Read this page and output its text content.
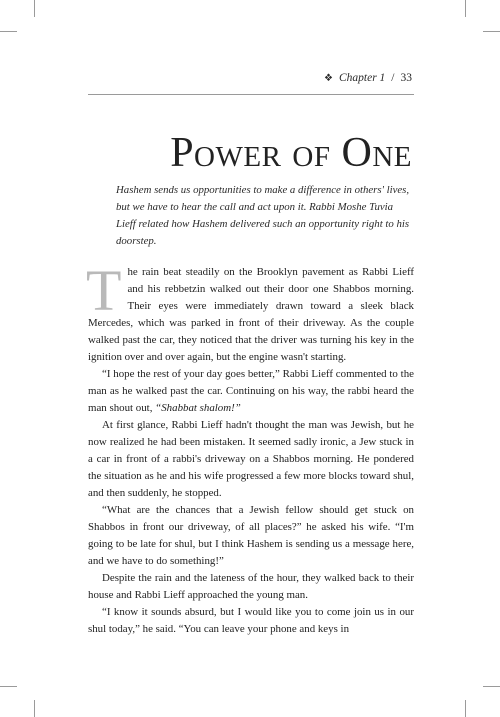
❖ Chapter 1 / 33
Power of One

Hashem sends us opportunities to make a difference in others' lives, but we have to hear the call and act upon it. Rabbi Moshe Tuvia Lieff related how Hashem delivered such an opportunity right to his doorstep.

The rain beat steadily on the Brooklyn pavement as Rabbi Lieff and his rebbetzin walked out their door one Shabbos morning. Their eyes were immediately drawn toward a sleek black Mercedes, which was parked in front of their driveway. As the couple walked past the car, they noticed that the driver was turning his key in the ignition over and over again, but the engine wasn't starting.

“I hope the rest of your day goes better,” Rabbi Lieff commented to the man as he walked past the car. Continuing on his way, the rabbi heard the man shout out, “Shabbat shalom!”

At first glance, Rabbi Lieff hadn't thought the man was Jewish, but he now realized he had been mistaken. It seemed sadly ironic, a Jew stuck in a car in front of a rabbi's driveway on a Shabbos morning. He pondered the situation as he and his wife progressed a few more blocks toward shul, and then suddenly, he stopped.

“What are the chances that a Jewish fellow should get stuck on Shabbos in front our driveway, of all places?” he asked his wife. “I'm going to be late for shul, but I think Hashem is sending us a message here, and we have to do something!”

Despite the rain and the lateness of the hour, they walked back to their house and Rabbi Lieff approached the young man.

“I know it sounds absurd, but I would like you to come join us in our shul today,” he said. “You can leave your phone and keys in
